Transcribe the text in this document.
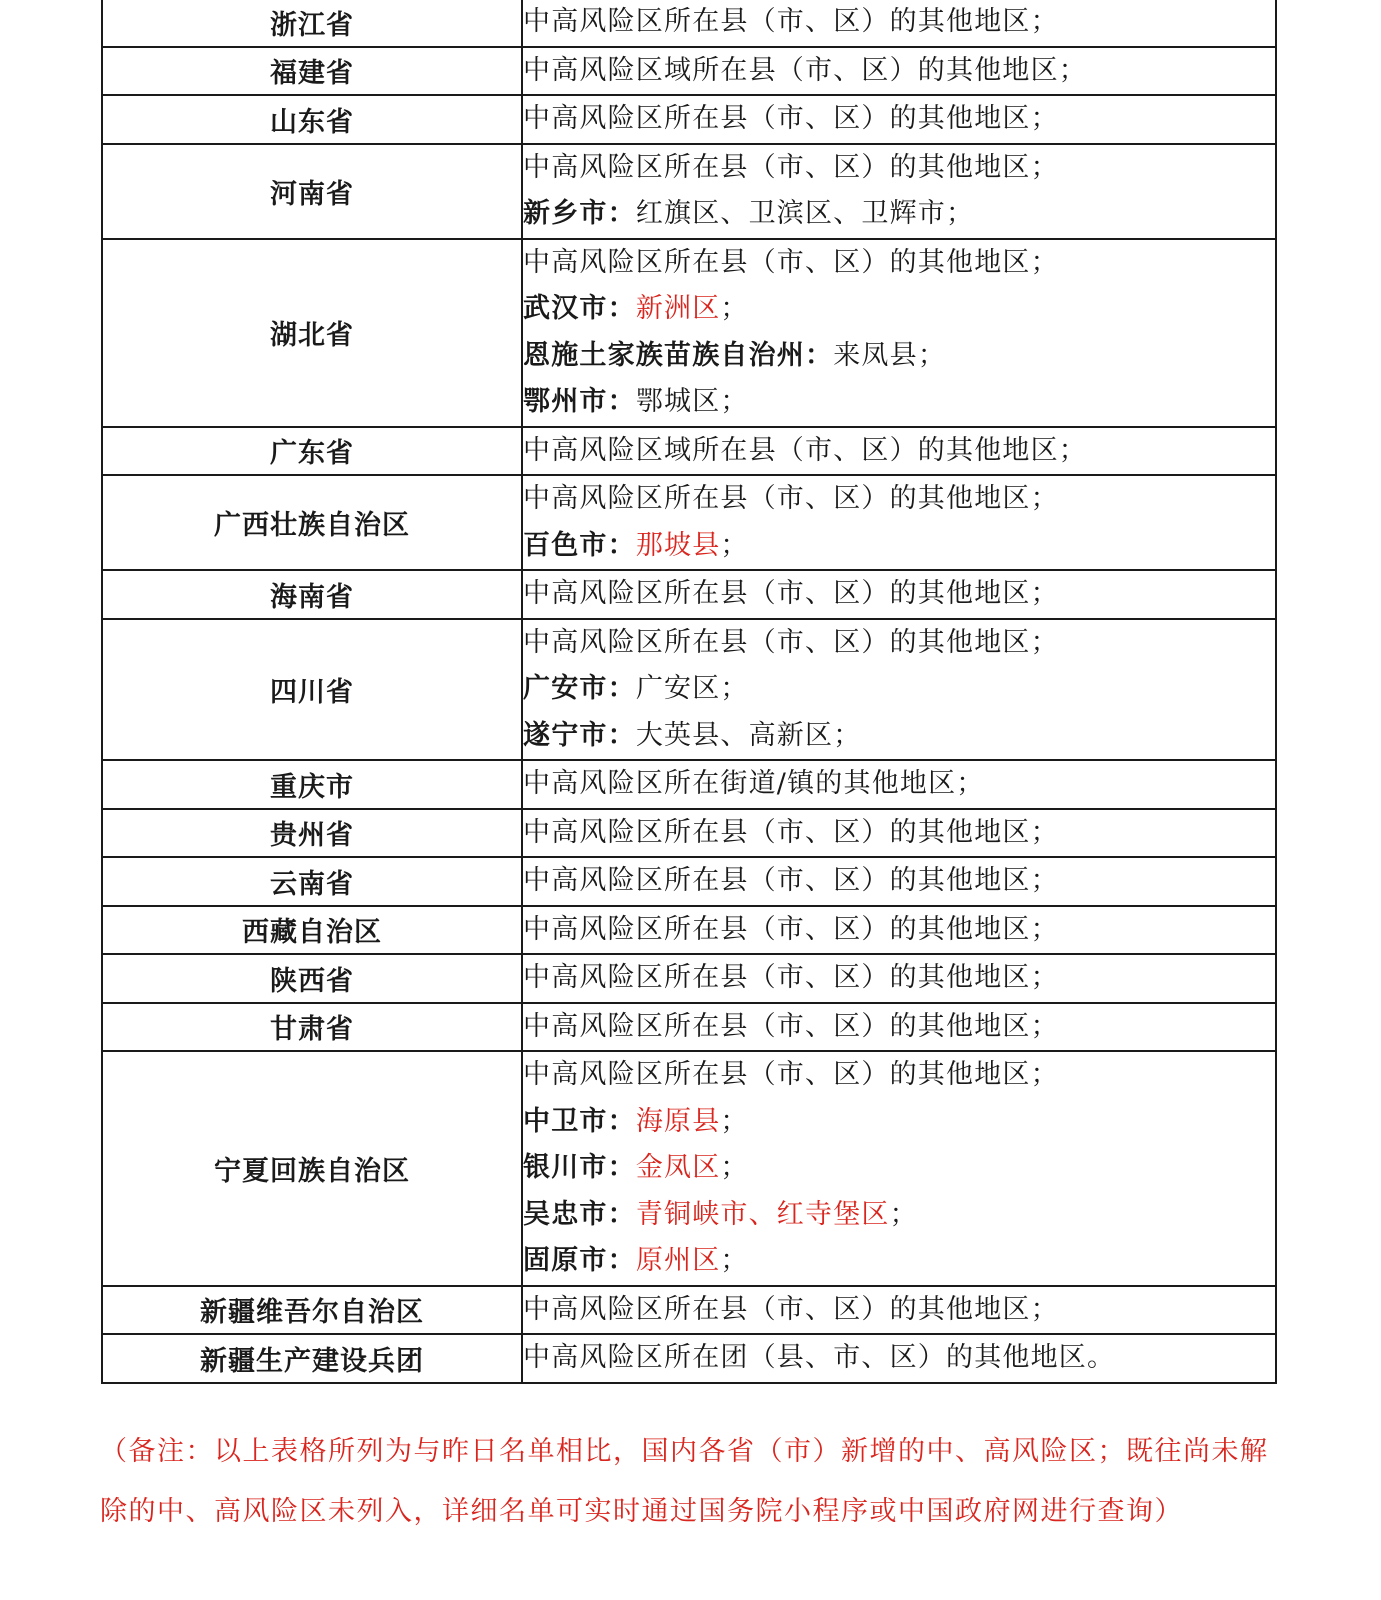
浙江省	中高风险区所在县（市、区）的其他地区；

福建省	中高风险区域所在县（市、区）的其他地区；

山东省	中高风险区所在县（市、区）的其他地区；

河南省	中高风险区所在县（市、区）的其他地区；
新乡市：红旗区、卫滨区、卫辉市；

湖北省	中高风险区所在县（市、区）的其他地区；
武汉市：新洲区；
恩施土家族苗族自治州：来凤县；
鄂州市：鄂城区；

广东省	中高风险区域所在县（市、区）的其他地区；

广西壮族自治区	中高风险区所在县（市、区）的其他地区；
百色市：那坡县；

海南省	中高风险区所在县（市、区）的其他地区；

四川省	中高风险区所在县（市、区）的其他地区；
广安市：广安区；
遂宁市：大英县、高新区；

重庆市	中高风险区所在街道/镇的其他地区；

贵州省	中高风险区所在县（市、区）的其他地区；

云南省	中高风险区所在县（市、区）的其他地区；

西藏自治区	中高风险区所在县（市、区）的其他地区；

陕西省	中高风险区所在县（市、区）的其他地区；

甘肃省	中高风险区所在县（市、区）的其他地区；

宁夏回族自治区	中高风险区所在县（市、区）的其他地区；
中卫市：海原县；
银川市：金凤区；
吴忠市：青铜峡市、红寺堡区；
固原市：原州区；

新疆维吾尔自治区	中高风险区所在县（市、区）的其他地区；

新疆生产建设兵团	中高风险区所在团（县、市、区）的其他地区。
（备注：以上表格所列为与昨日名单相比，国内各省（市）新增的中、高风险区；既往尚未解除的中、高风险区未列入，详细名单可实时通过国务院小程序或中国政府网进行查询）
